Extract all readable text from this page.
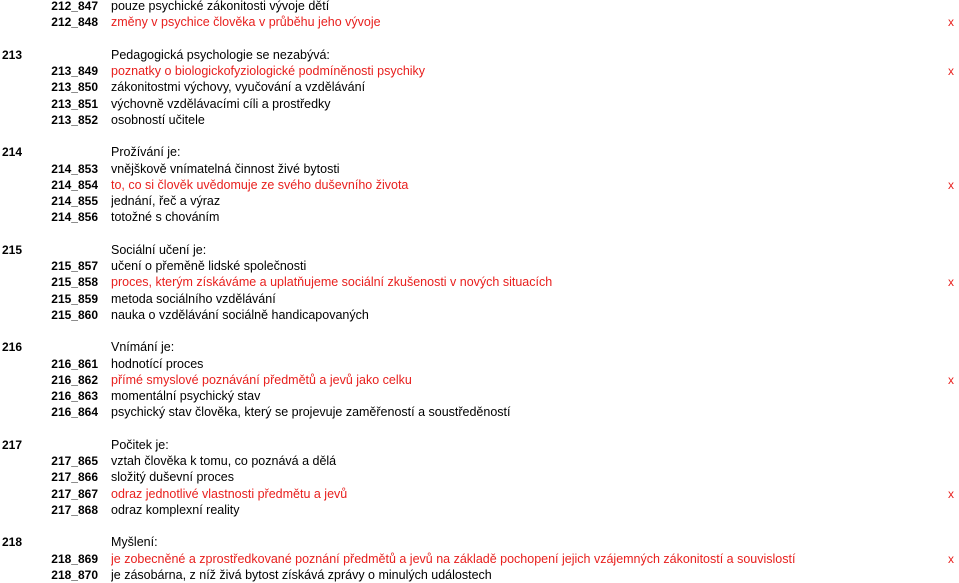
212_847 pouze psychické zákonitosti vývoje dětí
212_848 změny v psychice člověka v průběhu jeho vývoje	x
213	Pedagogická psychologie se nezabývá:
213_849 poznatky o biologickofyziologické podmíněnosti psychiky	x
213_850 zákonitostmi výchovy, vyučování a vzdělávání
213_851 výchovně vzdělávacími cíli a prostředky
213_852 osobností učitele
214	Prožívání je:
214_853 vnějškově vnímatelná činnost živé bytosti
214_854 to, co si člověk uvědomuje ze svého duševního života	x
214_855 jednání, řeč a výraz
214_856 totožné s chováním
215	Sociální učení je:
215_857 učení o přeměně lidské společnosti
215_858 proces, kterým získáváme a uplatňujeme sociální zkušenosti v nových situacích	x
215_859 metoda sociálního vzdělávání
215_860 nauka o vzdělávání sociálně handicapovaných
216	Vnímání je:
216_861 hodnotící proces
216_862 přímé smyslové poznávání předmětů a jevů jako celku	x
216_863 momentální psychický stav
216_864 psychický stav člověka, který se projevuje zaměřeností a soustředěností
217	Počitek je:
217_865 vztah člověka k tomu, co poznává a dělá
217_866 složitý duševní proces
217_867 odraz jednotlivé vlastnosti předmětu a jevů	x
217_868 odraz komplexní reality
218	Myšlení:
218_869 je zobecněné a zprostředkované poznání předmětů a jevů na základě pochopení jejich vzájemných zákonitostí a souvislostí	x
218_870 je zásobárna, z níž živá bytost získává zprávy o minulých událostech
